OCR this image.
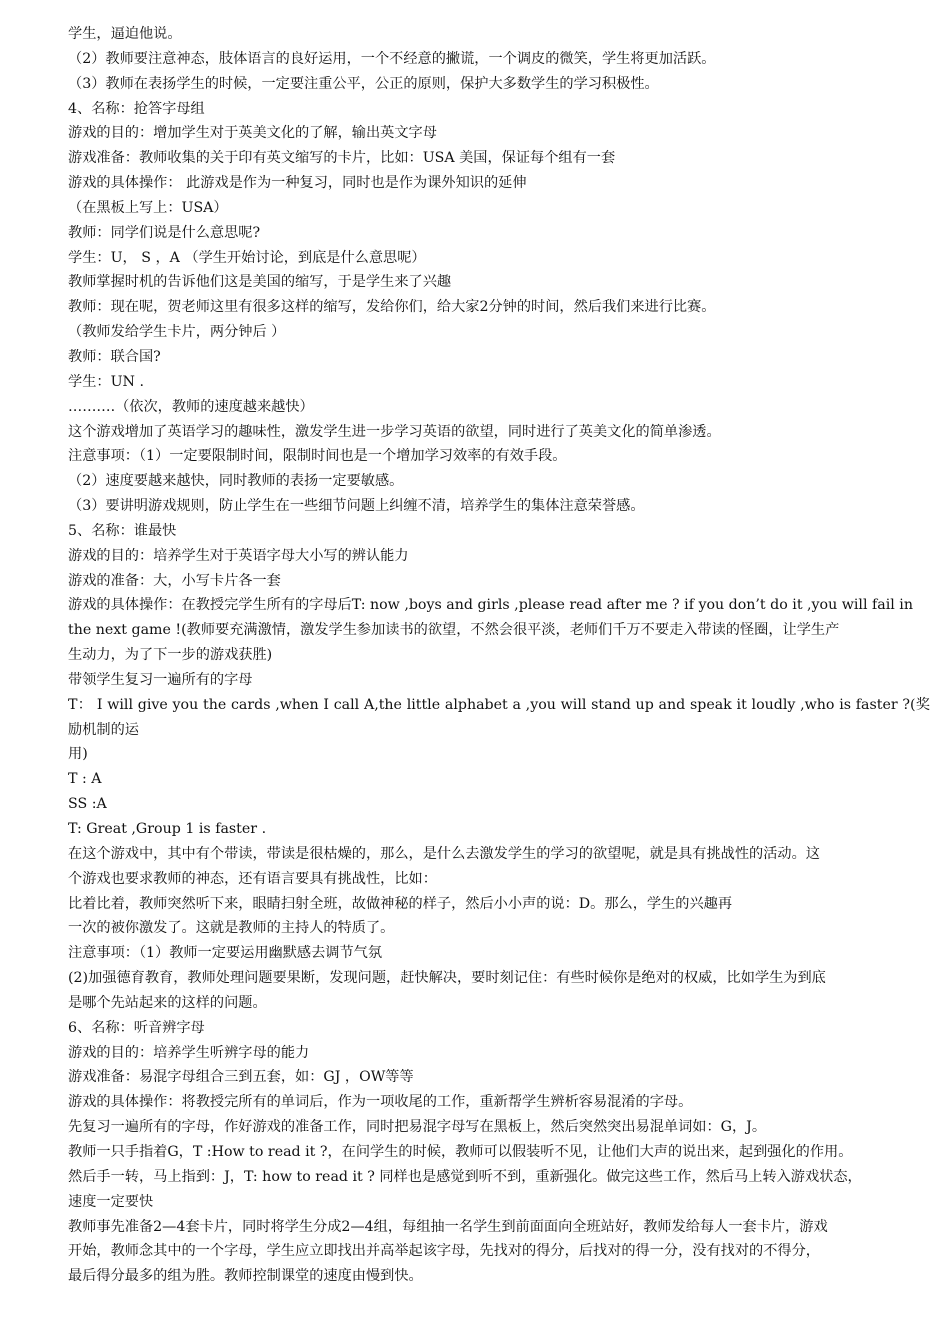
学生，逼迫他说。
（2）教师要注意神态，肢体语言的良好运用，一个不经意的撇谎，一个调皮的微笑，学生将更加活跃。
（3）教师在表扬学生的时候，一定要注重公平，公正的原则，保护大多数学生的学习积极性。
4、名称：抢答字母组
游戏的目的：增加学生对于英美文化的了解，输出英文字母
游戏准备：教师收集的关于印有英文缩写的卡片，比如：USA 美国，保证每个组有一套
游戏的具体操作： 此游戏是作为一种复习，同时也是作为课外知识的延伸
（在黑板上写上：USA）
教师：同学们说是什么意思呢?
学生：U， S ，A （学生开始讨论，到底是什么意思呢）
教师掌握时机的告诉他们这是美国的缩写，于是学生来了兴趣
教师：现在呢，贺老师这里有很多这样的缩写，发给你们，给大家2分钟的时间，然后我们来进行比赛。
（教师发给学生卡片，两分钟后 ）
教师：联合国?
学生：UN .
……….（依次，教师的速度越来越快）
这个游戏增加了英语学习的趣味性，激发学生进一步学习英语的欲望，同时进行了英美文化的简单渗透。
注意事项：（1）一定要限制时间，限制时间也是一个增加学习效率的有效手段。
（2）速度要越来越快，同时教师的表扬一定要敏感。
（3）要讲明游戏规则，防止学生在一些细节问题上纠缠不清，培养学生的集体注意荣誉感。
5、名称：谁最快
游戏的目的：培养学生对于英语字母大小写的辨认能力
游戏的准备：大，小写卡片各一套
游戏的具体操作：在教授完学生所有的字母后T: now ,boys and girls ,please read after me ? if you don’t do it ,you will fail in
the next game !(教师要充满激情，激发学生参加读书的欲望，不然会很平淡，老师们千万不要走入带读的怪圈，让学生产
生动力，为了下一步的游戏获胜)
带领学生复习一遍所有的字母
T： I will give you the cards ,when I call A,the little alphabet a ,you will stand up and speak it loudly ,who is faster ?(奖励机制的运
用)
T : A
SS :A
T: Great ,Group 1 is faster .
在这个游戏中，其中有个带读，带读是很枯燥的，那么，是什么去激发学生的学习的欲望呢，就是具有挑战性的活动。这
个游戏也要求教师的神态，还有语言要具有挑战性，比如：
比着比着，教师突然听下来，眼睛扫射全班，故做神秘的样子，然后小小声的说：D。那么，学生的兴趣再
一次的被你激发了。这就是教师的主持人的特质了。
注意事项：（1）教师一定要运用幽默感去调节气氛
(2)加强德育教育，教师处理问题要果断，发现问题，赶快解决，要时刻记住：有些时候你是绝对的权威，比如学生为到底
是哪个先站起来的这样的问题。
6、名称：听音辨字母
游戏的目的：培养学生听辨字母的能力
游戏准备：易混字母组合三到五套，如：GJ ，OW等等
游戏的具体操作：将教授完所有的单词后，作为一项收尾的工作，重新帮学生辨析容易混淆的字母。
先复习一遍所有的字母，作好游戏的准备工作，同时把易混字母写在黑板上，然后突然突出易混单词如：G，J。
教师一只手指着G，T :How to read it ?，在问学生的时候，教师可以假装听不见，让他们大声的说出来，起到强化的作用。
然后手一转，马上指到：J，T: how to read it ? 同样也是感觉到听不到，重新强化。做完这些工作，然后马上转入游戏状态，
速度一定要快
教师事先准备2—4套卡片，同时将学生分成2—4组，每组抽一名学生到前面面向全班站好，教师发给每人一套卡片，游戏
开始，教师念其中的一个字母，学生应立即找出并高举起该字母，先找对的得分，后找对的得一分，没有找对的不得分，
最后得分最多的组为胜。教师控制课堂的速度由慢到快。
